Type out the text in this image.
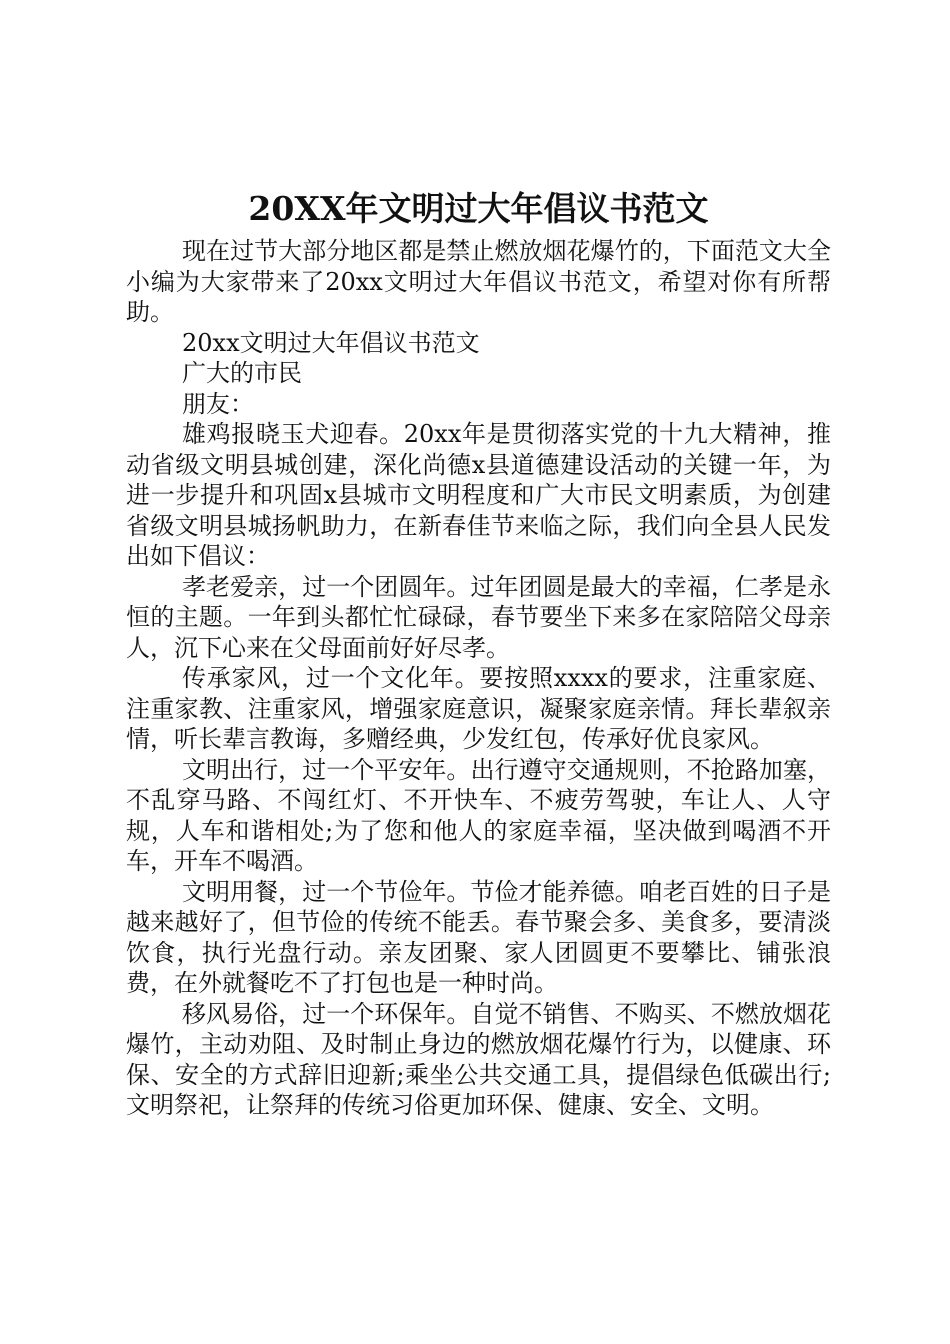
20XX年文明过大年倡议书范文

现在过节大部分地区都是禁止燃放烟花爆竹的，下面范文大全小编为大家带来了20xx文明过大年倡议书范文，希望对你有所帮助。

20xx文明过大年倡议书范文

广大的市民

朋友：

雄鸡报晓玉犬迎春。20xx年是贯彻落实党的十九大精神，推动省级文明县城创建，深化尚德x县道德建设活动的关键一年，为进一步提升和巩固x县城市文明程度和广大市民文明素质，为创建省级文明县城扬帆助力，在新春佳节来临之际，我们向全县人民发出如下倡议：

孝老爱亲，过一个团圆年。过年团圆是最大的幸福，仁孝是永恒的主题。一年到头都忙忙碌碌，春节要坐下来多在家陪陪父母亲人，沉下心来在父母面前好好尽孝。

传承家风，过一个文化年。要按照xxxx的要求，注重家庭、注重家教、注重家风，增强家庭意识，凝聚家庭亲情。拜长辈叙亲情，听长辈言教诲，多赠经典，少发红包，传承好优良家风。

文明出行，过一个平安年。出行遵守交通规则，不抢路加塞，不乱穿马路、不闯红灯、不开快车、不疲劳驾驶，车让人、人守规，人车和谐相处;为了您和他人的家庭幸福，坚决做到喝酒不开车，开车不喝酒。

文明用餐，过一个节俭年。节俭才能养德。咱老百姓的日子是越来越好了，但节俭的传统不能丢。春节聚会多、美食多，要清淡饮食，执行光盘行动。亲友团聚、家人团圆更不要攀比、铺张浪费，在外就餐吃不了打包也是一种时尚。

移风易俗，过一个环保年。自觉不销售、不购买、不燃放烟花爆竹，主动劝阻、及时制止身边的燃放烟花爆竹行为，以健康、环保、安全的方式辞旧迎新;乘坐公共交通工具，提倡绿色低碳出行;文明祭祀，让祭拜的传统习俗更加环保、健康、安全、文明。
